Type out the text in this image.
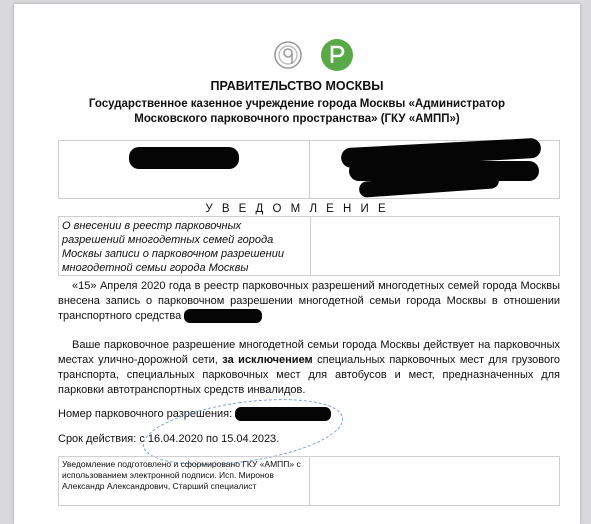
ПРАВИТЕЛЬСТВО МОСКВЫ
Государственное казенное учреждение города Москвы «Администратор Московского парковочного пространства» (ГКУ «АМПП»)
У В Е Д О М Л Е Н И Е
О внесении в реестр парковочных разрешений многодетных семей города Москвы записи о парковочном разрешении многодетной семьи города Москвы
«15» Апреля 2020 года в реестр парковочных разрешений многодетных семей города Москвы внесена запись о парковочном разрешении многодетной семьи города Москвы в отношении транспортного средства
Ваше парковочное разрешение многодетной семьи города Москвы действует на парковочных местах улично-дорожной сети, за исключением специальных парковочных мест для грузового транспорта, специальных парковочных мест для автобусов и мест, предназначенных для парковки автотранспортных средств инвалидов.
Номер парковочного разрешения:
Срок действия: с 16.04.2020 по 15.04.2023.
Уведомление подготовлено и сформировано ГКУ «АМПП» с использованием электронной подписи. Исп. Миронов Александр Александрович, Старший специалист
